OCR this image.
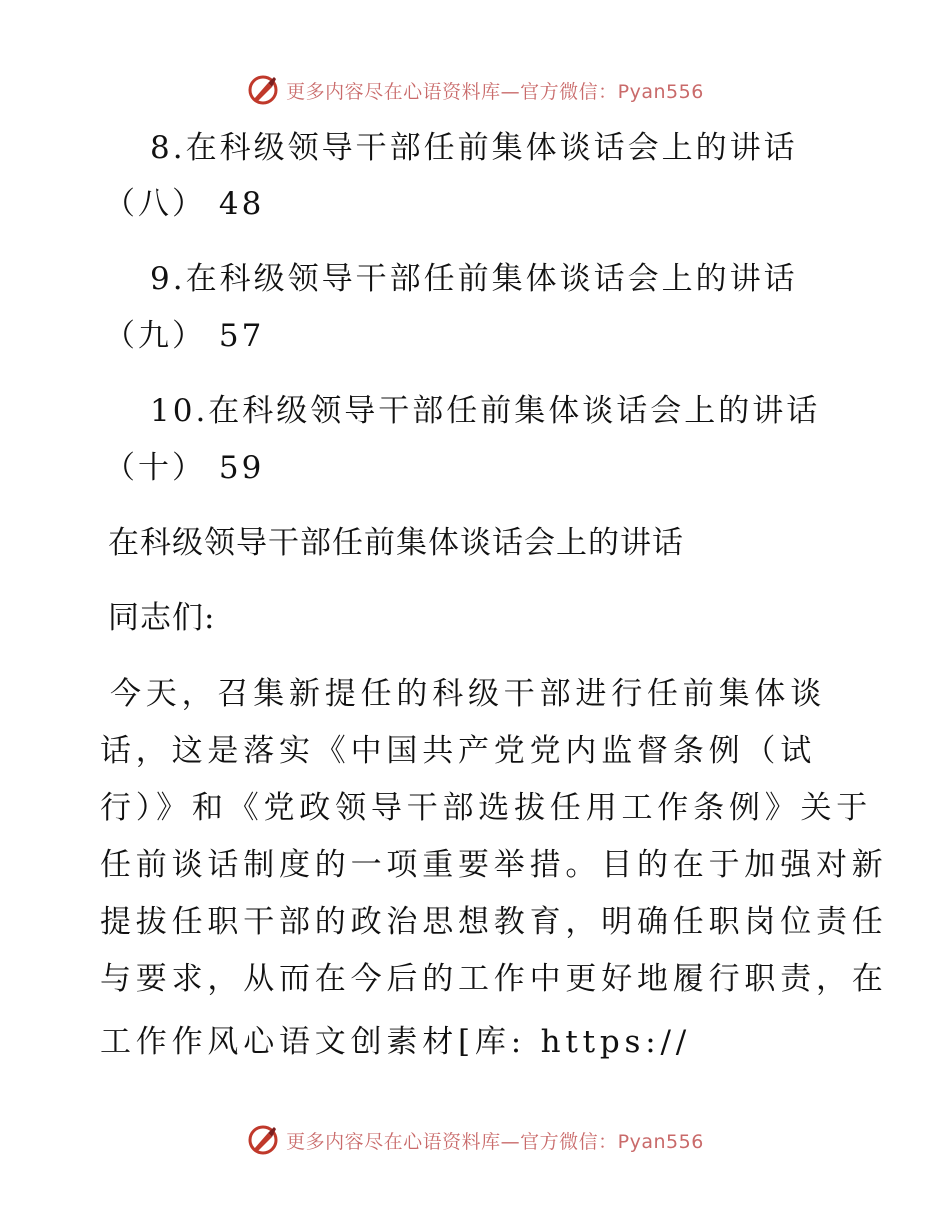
更多内容尽在心语资料库—官方微信：Pyan556
8.在科级领导干部任前集体谈话会上的讲话
（八） 48
9.在科级领导干部任前集体谈话会上的讲话
（九） 57
10.在科级领导干部任前集体谈话会上的讲话
（十） 59
在科级领导干部任前集体谈话会上的讲话
同志们:
今天，召集新提任的科级干部进行任前集体谈
话，这是落实《中国共产党党内监督条例（试
行）》和《党政领导干部选拔任用工作条例》关于
任前谈话制度的一项重要举措。目的在于加强对新
提拔任职干部的政治思想教育，明确任职岗位责任
与要求，从而在今后的工作中更好地履行职责，在
工作作风心语文创素材[库: https://
更多内容尽在心语资料库—官方微信：Pyan556
